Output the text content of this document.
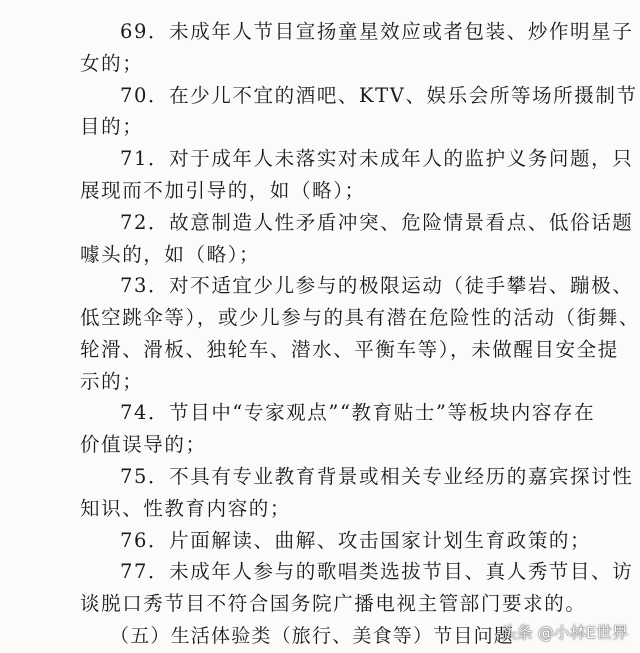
69．未成年人节目宣扬童星效应或者包装、炒作明星子
女的；
70．在少儿不宜的酒吧、KTV、娱乐会所等场所摄制节
目的；
71．对于成年人未落实对未成年人的监护义务问题，只
展现而不加引导的，如（略）；
72．故意制造人性矛盾冲突、危险情景看点、低俗话题
噱头的，如（略）；
73．对不适宜少儿参与的极限运动（徒手攀岩、蹦极、
低空跳伞等），或少儿参与的具有潜在危险性的活动（街舞、
轮滑、滑板、独轮车、潜水、平衡车等），未做醒目安全提
示的；
74．节目中“专家观点”“教育贴士”等板块内容存在
价值误导的；
75．不具有专业教育背景或相关专业经历的嘉宾探讨性
知识、性教育内容的；
76．片面解读、曲解、攻击国家计划生育政策的；
77．未成年人参与的歌唱类选拔节目、真人秀节目、访
谈脱口秀节目不符合国务院广播电视主管部门要求的。
（五）生活体验类（旅行、美食等）节目问题
头条 @小林E世界
